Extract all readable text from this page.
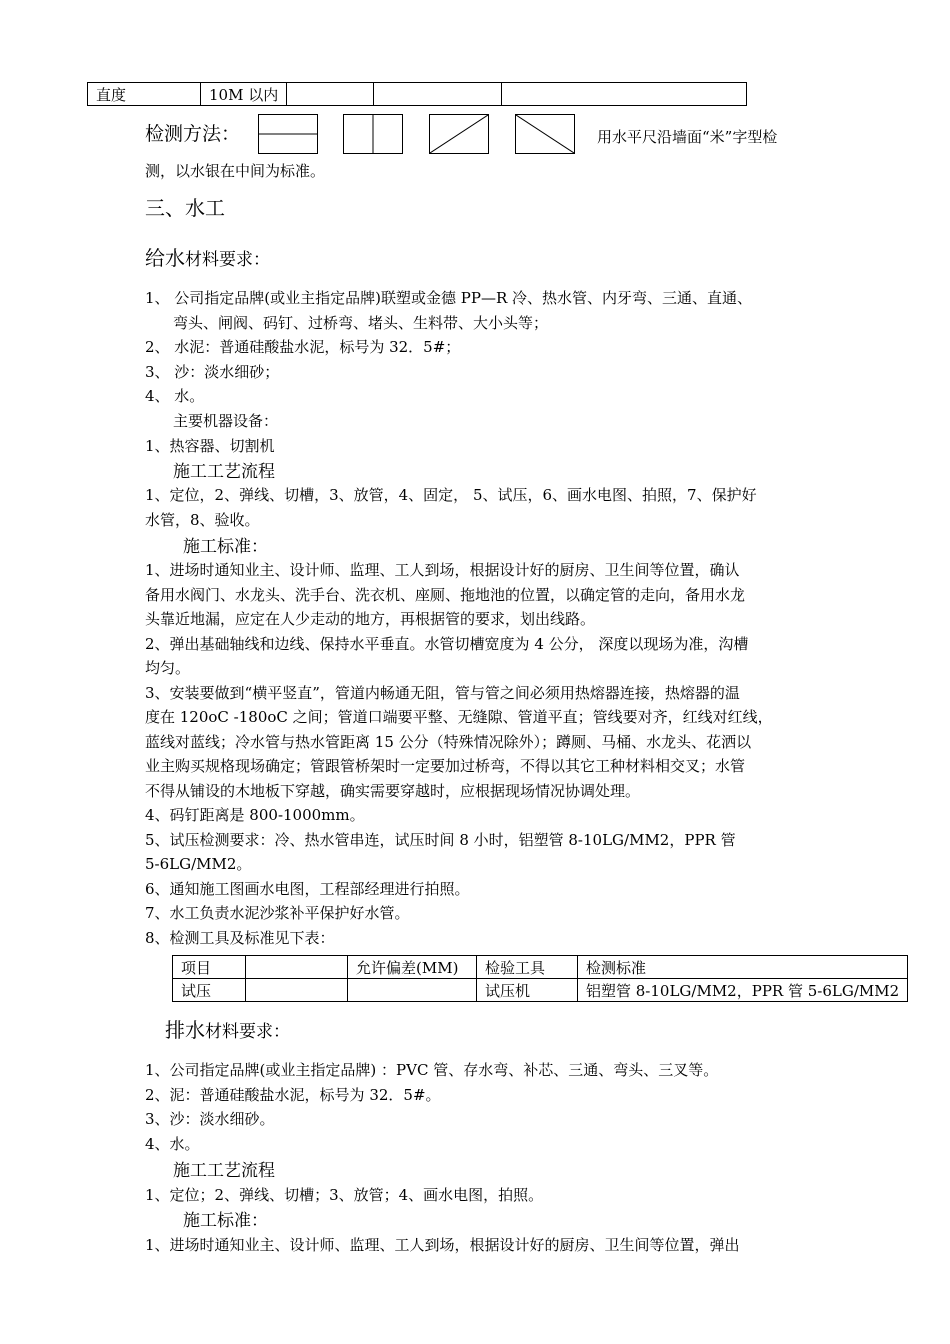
直度	10M 以内			
检测方法：	用水平尺沿墙面“米”字型检
测，以水银在中间为标准。
三、水工
给水材料要求：
1、 公司指定品牌(或业主指定品牌)联塑或金德 PP—R 冷、热水管、内牙弯、三通、直通、
弯头、闸阀、码钉、过桥弯、堵头、生料带、大小头等；
2、 水泥：普通硅酸盐水泥，标号为 32．5#；
3、 沙：淡水细砂；
4、 水。
主要机器设备：
1、热容器、切割机
施工工艺流程
1、定位，2、弹线、切槽，3、放管，4、固定， 5、试压，6、画水电图、拍照，7、保护好
水管，8、验收。
施工标准：
1、进场时通知业主、设计师、监理、工人到场，根据设计好的厨房、卫生间等位置，确认
备用水阀门、水龙头、洗手台、洗衣机、座厕、拖地池的位置，以确定管的走向，备用水龙
头靠近地漏，应定在人少走动的地方，再根据管的要求，划出线路。
2、弹出基础轴线和边线、保持水平垂直。水管切槽宽度为 4 公分， 深度以现场为准，沟槽
均匀。
3、安装要做到“横平竖直”，管道内畅通无阻，管与管之间必须用热熔器连接，热熔器的温
度在 120oC -180oC 之间；管道口端要平整、无缝隙、管道平直；管线要对齐，红线对红线，
蓝线对蓝线；冷水管与热水管距离 15 公分（特殊情况除外）；蹲厕、马桶、水龙头、花洒以
业主购买规格现场确定；管跟管桥架时一定要加过桥弯，不得以其它工种材料相交叉；水管
不得从铺设的木地板下穿越，确实需要穿越时，应根据现场情况协调处理。
4、码钉距离是 800-1000mm。
5、试压检测要求：冷、热水管串连，试压时间 8 小时，铝塑管 8-10LG/MM2，PPR 管
5-6LG/MM2。
6、通知施工图画水电图，工程部经理进行拍照。
7、水工负责水泥沙浆补平保护好水管。
8、检测工具及标准见下表：
项目		允许偏差(MM)	检验工具	检测标准
试压			试压机	铝塑管 8-10LG/MM2，PPR 管 5-6LG/MM2
排水材料要求：
1、公司指定品牌(或业主指定品牌) ：PVC 管、存水弯、补芯、三通、弯头、三叉等。
2、泥：普通硅酸盐水泥，标号为 32．5#。
3、沙：淡水细砂。
4、水。
施工工艺流程
1、定位；2、弹线、切槽；3、放管；4、画水电图，拍照。
施工标准：
1、进场时通知业主、设计师、监理、工人到场，根据设计好的厨房、卫生间等位置，弹出
